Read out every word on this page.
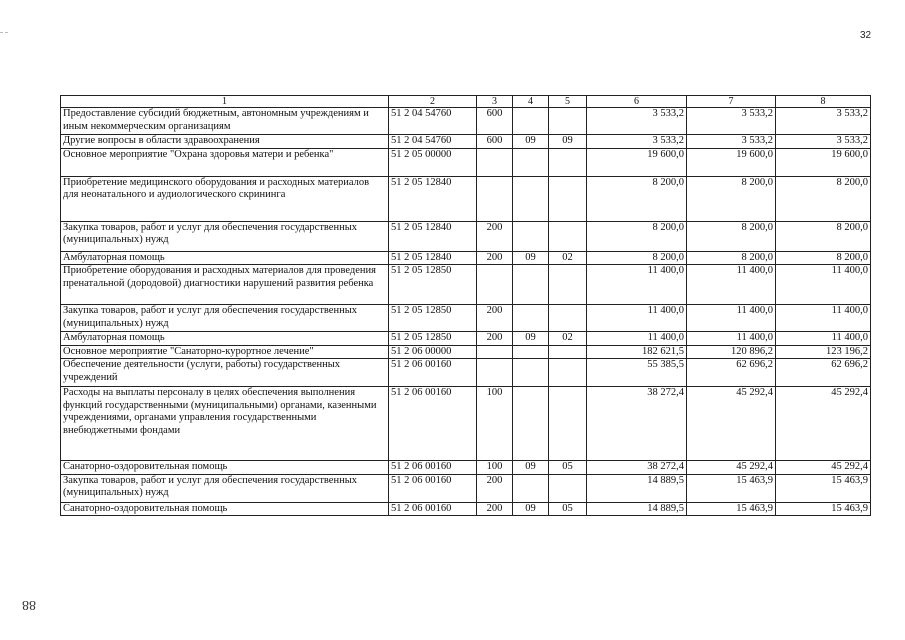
32
88
1	2	3	4	5	6	7	8
Предоставление субсидий бюджетным, автономным учреждениям и иным некоммерческим организациям	51 2 04 54760	600			3 533,2	3 533,2	3 533,2
Другие вопросы в области здравоохранения	51 2 04 54760	600	09	09	3 533,2	3 533,2	3 533,2
Основное мероприятие "Охрана здоровья матери и ребенка"	51 2 05 00000				19 600,0	19 600,0	19 600,0
Приобретение медицинского оборудования и расходных материалов для неонатального и аудиологического скрининга	51 2 05 12840				8 200,0	8 200,0	8 200,0
Закупка товаров, работ и услуг для обеспечения государственных (муниципальных) нужд	51 2 05 12840	200			8 200,0	8 200,0	8 200,0
Амбулаторная помощь	51 2 05 12840	200	09	02	8 200,0	8 200,0	8 200,0
Приобретение оборудования и расходных материалов для проведения пренатальной (дородовой) диагностики нарушений развития ребенка	51 2 05 12850				11 400,0	11 400,0	11 400,0
Закупка товаров, работ и услуг для обеспечения государственных (муниципальных) нужд	51 2 05 12850	200			11 400,0	11 400,0	11 400,0
Амбулаторная помощь	51 2 05 12850	200	09	02	11 400,0	11 400,0	11 400,0
Основное мероприятие "Санаторно-курортное лечение"	51 2 06 00000				182 621,5	120 896,2	123 196,2
Обеспечение деятельности (услуги, работы) государственных учреждений	51 2 06 00160				55 385,5	62 696,2	62 696,2
Расходы на выплаты персоналу в целях обеспечения выполнения функций государственными (муниципальными) органами, казенными учреждениями, органами управления государственными внебюджетными фондами	51 2 06 00160	100			38 272,4	45 292,4	45 292,4
Санаторно-оздоровительная помощь	51 2 06 00160	100	09	05	38 272,4	45 292,4	45 292,4
Закупка товаров, работ и услуг для обеспечения государственных (муниципальных) нужд	51 2 06 00160	200			14 889,5	15 463,9	15 463,9
Санаторно-оздоровительная помощь	51 2 06 00160	200	09	05	14 889,5	15 463,9	15 463,9
